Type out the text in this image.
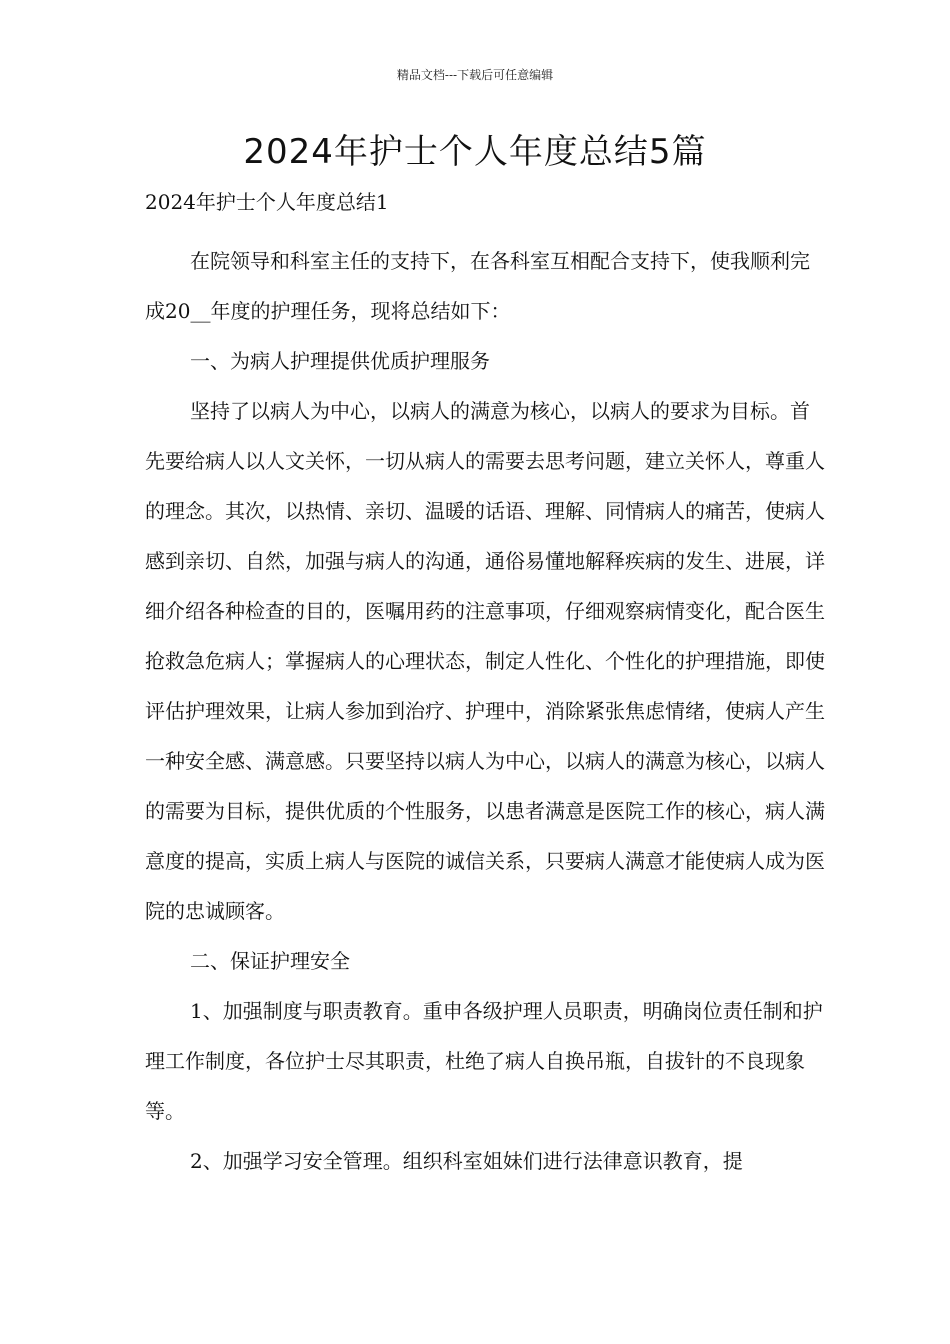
精品文档---下载后可任意编辑
2024年护士个人年度总结5篇
2024年护士个人年度总结1

在院领导和科室主任的支持下，在各科室互相配合支持下，使我顺利完成20__年度的护理任务，现将总结如下：

一、为病人护理提供优质护理服务

坚持了以病人为中心，以病人的满意为核心，以病人的要求为目标。首先要给病人以人文关怀，一切从病人的需要去思考问题，建立关怀人，尊重人的理念。其次，以热情、亲切、温暖的话语、理解、同情病人的痛苦，使病人感到亲切、自然，加强与病人的沟通，通俗易懂地解释疾病的发生、进展，详细介绍各种检查的目的，医嘱用药的注意事项，仔细观察病情变化，配合医生抢救急危病人；掌握病人的心理状态，制定人性化、个性化的护理措施，即使评估护理效果，让病人参加到治疗、护理中，消除紧张焦虑情绪，使病人产生一种安全感、满意感。只要坚持以病人为中心，以病人的满意为核心，以病人的需要为目标，提供优质的个性服务，以患者满意是医院工作的核心，病人满意度的提高，实质上病人与医院的诚信关系，只要病人满意才能使病人成为医院的忠诚顾客。

二、保证护理安全

1、加强制度与职责教育。重申各级护理人员职责，明确岗位责任制和护理工作制度，各位护士尽其职责，杜绝了病人自换吊瓶，自拔针的不良现象等。

2、加强学习安全管理。组织科室姐妹们进行法律意识教育，提
